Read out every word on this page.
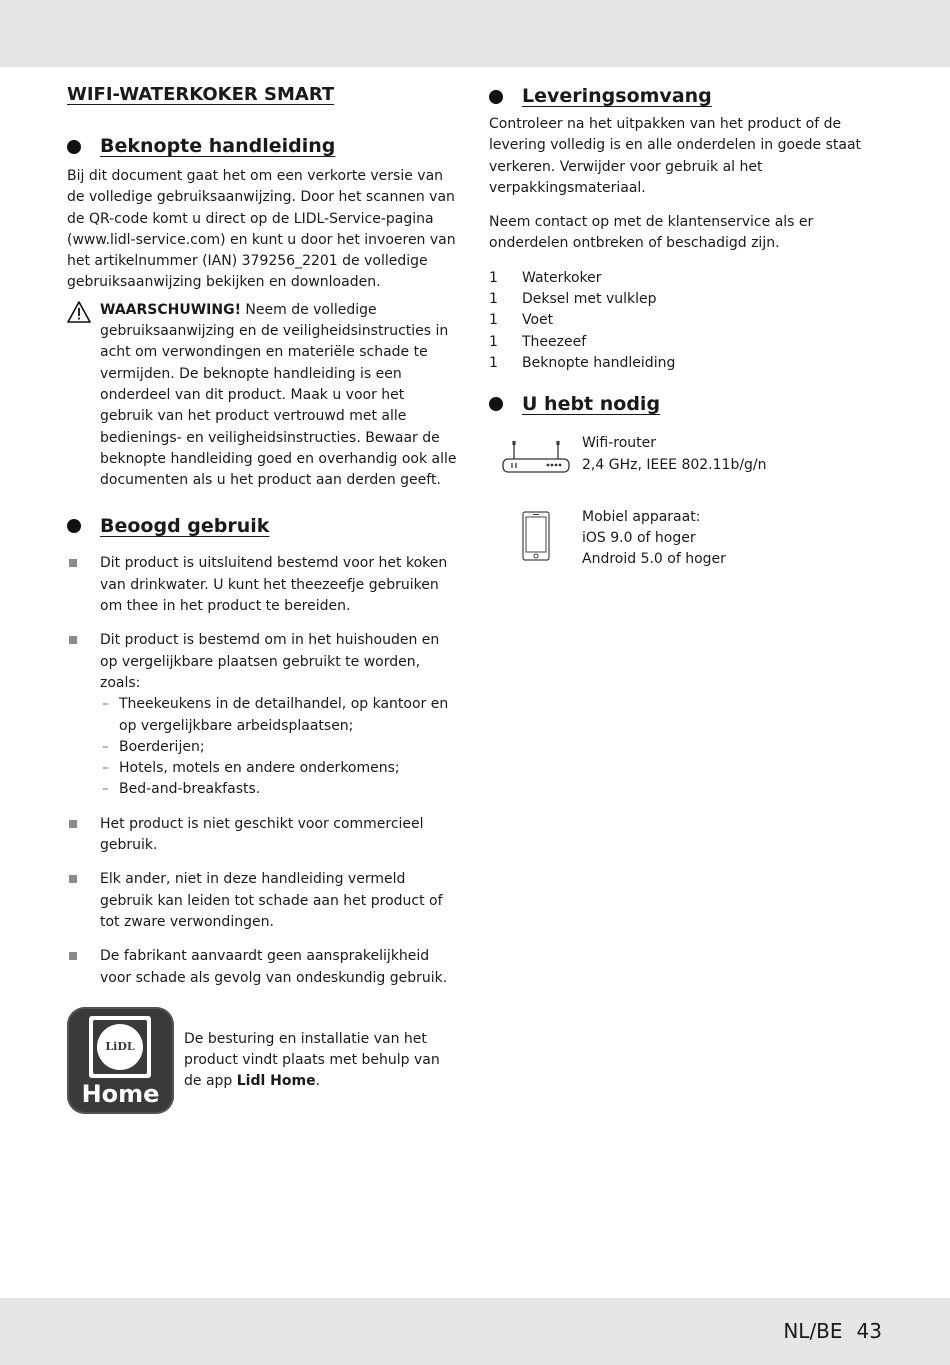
WIFI-WATERKOKER SMART
Beknopte handleiding

Bij dit document gaat het om een verkorte versie van de volledige gebruiksaanwijzing. Door het scannen van de QR-code komt u direct op de LIDL-Service-pagina (www.lidl-service.com) en kunt u door het invoeren van het artikelnummer (IAN) 379256_2201 de volledige gebruiksaanwijzing bekijken en downloaden.

WAARSCHUWING! Neem de volledige gebruiksaanwijzing en de veiligheidsinstructies in acht om verwondingen en materiële schade te vermijden. De beknopte handleiding is een onderdeel van dit product. Maak u voor het gebruik van het product vertrouwd met alle bedienings- en veiligheidsinstructies. Bewaar de beknopte handleiding goed en overhandig ook alle documenten als u het product aan derden geeft.

Beoogd gebruik

Dit product is uitsluitend bestemd voor het koken van drinkwater. U kunt het theezeefje gebruiken om thee in het product te bereiden.

Dit product is bestemd om in het huishouden en op vergelijkbare plaatsen gebruikt te worden, zoals:

– Theekeukens in de detailhandel, op kantoor en op vergelijkbare arbeidsplaatsen;

– Boerderijen;

– Hotels, motels en andere onderkomens;

– Bed-and-breakfasts.

Het product is niet geschikt voor commercieel gebruik.

Elk ander, niet in deze handleiding vermeld gebruik kan leiden tot schade aan het product of tot zware verwondingen.

De fabrikant aanvaardt geen aansprakelijkheid voor schade als gevolg van ondeskundig gebruik.

LiDL
Home

De besturing en installatie van het product vindt plaats met behulp van de app Lidl Home.

Leveringsomvang

Controleer na het uitpakken van het product of de levering volledig is en alle onderdelen in goede staat verkeren. Verwijder voor gebruik al het verpakkingsmateriaal.

Neem contact op met de klantenservice als er onderdelen ontbreken of beschadigd zijn.

1	Waterkoker
1	Deksel met vulklep
1	Voet
1	Theezeef
1	Beknopte handleiding
U hebt nodig

Wifi-router

2,4 GHz, IEEE 802.11b/g/n

Mobiel apparaat:

iOS 9.0 of hoger

Android 5.0 of hoger

NL/BE 43
